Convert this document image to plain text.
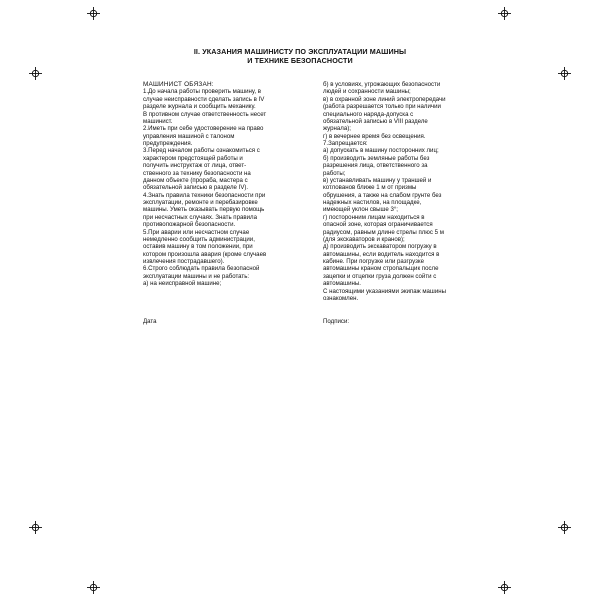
II. УКАЗАНИЯ МАШИНИСТУ ПО ЭКСПЛУАТАЦИИ МАШИНЫ
И ТЕХНИКЕ БЕЗОПАСНОСТИ
МАШИНИСТ ОБЯЗАН:
1.До начала работы проверить машину, в
случае неисправности сделать запись в IV
разделе журнала и сообщить механику.
В противном случае ответственность несет
машинист.
2.Иметь при себе удостоверение на право
управления машиной с талоном
предупреждения.
3.Перед началом работы ознакомиться с
характером предстоящей работы и
получить инструктаж от лица, ответ-
ственного за технику безопасности на
данном объекте (прораба, мастера с
обязательной записью в разделе IV).
4.Знать правила техники безопасности при
эксплуатации, ремонте и перебазировке
машины. Уметь оказывать первую помощь
при несчастных случаях. Знать правила
противопожарной безопасности.
5.При аварии или несчастном случае
немедленно сообщить администрации,
оставив машину в том положении, при
котором произошла авария (кроме случаев
извлечения пострадавшего).
6.Строго соблюдать правила безопасной
эксплуатации машины и не работать:
а) на неисправной машине;
б) в условиях, угрожающих безопасности
людей и сохранности машины;
в) в охранной зоне линий электропередачи
(работа разрешается только при наличии
специального наряда-допуска с
обязательной записью в VIII разделе
журнала);
г) в вечернее время без освещения.
7.Запрещается:
а) допускать в машину посторонних лиц;
б) производить земляные работы без
разрешения лица, ответственного за
работы;
в) устанавливать машину у траншей и
котлованов ближе 1 м от призмы
обрушения, а также на слабом грунте без
надежных настилов, на площадке,
имеющей уклон свыше 3°;
г) посторонним лицам находиться в
опасной зоне, которая ограничивается
радиусом, равным длине стрелы плюс 5 м
(для экскаваторов и кранов);
д) производить экскаватором погрузку в
автомашины, если водитель находится в
кабине. При погрузке или разгрузке
автомашины краном стропальщик после
зацепки и отцепки груза должен сойти с
автомашины.
С настоящими указаниями экипаж машины
ознакомлен.
Дата	Подписи:
